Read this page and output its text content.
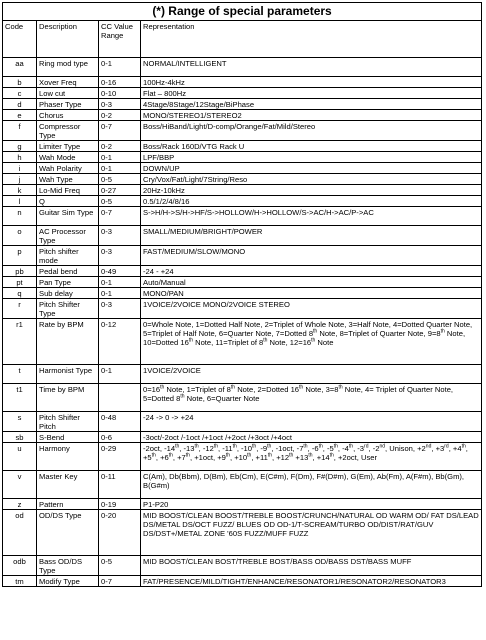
(*) Range of special parameters			
Code	Description	CC Value Range	Representation
aa	Ring mod type	0-1	NORMAL/INTELLIGENT
b	Xover Freq	0-16	100Hz-4kHz
c	Low cut	0-10	Flat – 800Hz
d	Phaser Type	0-3	4Stage/8Stage/12Stage/BiPhase
e	Chorus	0-2	MONO/STEREO1/STEREO2
f	Compressor Type	0-7	Boss/HiBand/Light/D-comp/Orange/Fat/Mild/Stereo
g	Limiter Type	0-2	Boss/Rack 160D/VTG Rack U
h	Wah Mode	0-1	LPF/BBP
i	Wah Polarity	0-1	DOWN/UP
j	Wah Type	0-5	Cry/Vox/Fat/Light/7String/Reso
k	Lo-Mid Freq	0-27	20Hz-10kHz
l	Q	0-5	0.5/1/2/4/8/16
n	Guitar Sim Type	0-7	S->H/H->S/H->HF/S->HOLLOW/H->HOLLOW/S->AC/H->AC/P->AC
o	AC Processor Type	0-3	SMALL/MEDIUM/BRIGHT/POWER
p	Pitch shifter mode	0-3	FAST/MEDIUM/SLOW/MONO
pb	Pedal bend	0-49	-24 - +24
pt	Pan Type	0-1	Auto/Manual
q	Sub delay	0-1	MONO/PAN
r	Pitch Shifter Type	0-3	1VOICE/2VOICE MONO/2VOICE STEREO
r1	Rate by BPM	0-12	0=Whole Note, 1=Dotted Half Note, 2=Triplet of Whole Note, 3=Half Note, 4=Dotted Quarter Note, 5=Triplet of Half Note, 6=Quarter Note, 7=Dotted 8th Note, 8=Triplet of Quarter Note, 9=8th Note, 10=Dotted 16th Note, 11=Triplet of 8th Note, 12=16th Note
t	Harmonist Type	0-1	1VOICE/2VOICE
t1	Time by BPM		0=16th Note, 1=Triplet of 8th Note, 2=Dotted 16th Note, 3=8th Note, 4= Triplet of Quarter Note, 5=Dotted 8th Note, 6=Quarter Note
s	Pitch Shifter Pitch	0-48	-24 -> 0 -> +24
sb	S-Bend	0-6	-3oct/-2oct /-1oct /+1oct /+2oct /+3oct /+4oct
u	Harmony	0-29	-2oct, -14th, -13th, -12th, -11th, -10th, -9th, -1oct, -7th, -6th, -5th, -4th, -3rd, -2nd, Unison, +2nd, +3rd, +4th, +5th, +6th, +7th, +1oct, +9th, +10th, +11th, +12th +13th, +14th, +2oct, User
v	Master Key	0-11	C(Am), Db(Bbm), D(Bm), Eb(Cm), E(C#m), F(Dm), F#(D#m), G(Em), Ab(Fm), A(F#m), Bb(Gm), B(G#m)
z	Pattern	0-19	P1-P20
od	OD/DS Type	0-20	MID BOOST/CLEAN BOOST/TREBLE BOOST/CRUNCH/NATURAL OD WARM OD/ FAT DS/LEAD DS/METAL DS/OCT FUZZ/ BLUES OD OD-1/T-SCREAM/TURBO OD/DIST/RAT/GUV DS/DST+/METAL ZONE '60S FUZZ/MUFF FUZZ
odb	Bass OD/DS Type	0-5	MID BOOST/CLEAN BOST/TREBLE BOST/BASS OD/BASS DST/BASS MUFF
tm	Modify Type	0-7	FAT/PRESENCE/MILD/TIGHT/ENHANCE/RESONATOR1/RESONATOR2/RESONATOR3
